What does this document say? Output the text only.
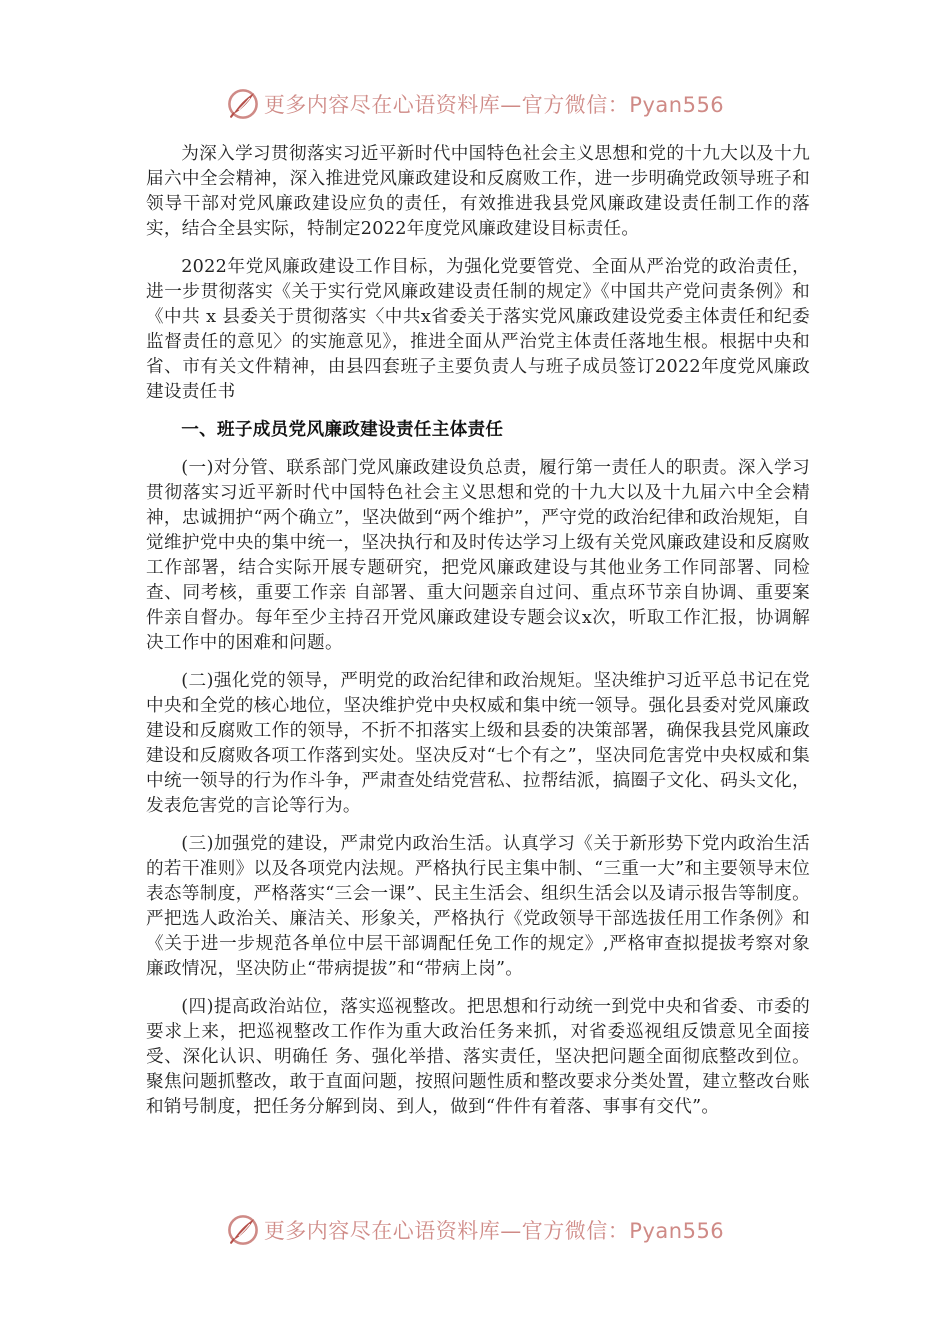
更多内容尽在心语资料库—官方微信：Pyan556

为深入学习贯彻落实习近平新时代中国特色社会主义思想和党的十九大以及十九届六中全会精神，深入推进党风廉政建设和反腐败工作，进一步明确党政领导班子和领导干部对党风廉政建设应负的责任，有效推进我县党风廉政建设责任制工作的落实，结合全县实际，特制定2022年度党风廉政建设目标责任。

2022年党风廉政建设工作目标，为强化党要管党、全面从严治党的政治责任，进一步贯彻落实《关于实行党风廉政建设责任制的规定》《中国共产党问责条例》和《中共 x 县委关于贯彻落实〈中共x省委关于落实党风廉政建设党委主体责任和纪委监督责任的意见〉的实施意见》，推进全面从严治党主体责任落地生根。根据中央和省、市有关文件精神，由县四套班子主要负责人与班子成员签订2022年度党风廉政建设责任书

一、班子成员党风廉政建设责任主体责任

(一)对分管、联系部门党风廉政建设负总责，履行第一责任人的职责。深入学习贯彻落实习近平新时代中国特色社会主义思想和党的十九大以及十九届六中全会精神，忠诚拥护“两个确立”，坚决做到“两个维护”，严守党的政治纪律和政治规矩，自觉维护党中央的集中统一，坚决执行和及时传达学习上级有关党风廉政建设和反腐败工作部署，结合实际开展专题研究，把党风廉政建设与其他业务工作同部署、同检查、同考核，重要工作亲 自部署、重大问题亲自过问、重点环节亲自协调、重要案件亲自督办。每年至少主持召开党风廉政建设专题会议x次，听取工作汇报，协调解决工作中的困难和问题。

(二)强化党的领导，严明党的政治纪律和政治规矩。坚决维护习近平总书记在党中央和全党的核心地位，坚决维护党中央权威和集中统一领导。强化县委对党风廉政建设和反腐败工作的领导，不折不扣落实上级和县委的决策部署，确保我县党风廉政建设和反腐败各项工作落到实处。坚决反对“七个有之”，坚决同危害党中央权威和集中统一领导的行为作斗争，严肃查处结党营私、拉帮结派，搞圈子文化、码头文化，发表危害党的言论等行为。

(三)加强党的建设，严肃党内政治生活。认真学习《关于新形势下党内政治生活的若干准则》以及各项党内法规。严格执行民主集中制、“三重一大”和主要领导末位表态等制度，严格落实“三会一课”、民主生活会、组织生活会以及请示报告等制度。严把选人政治关、廉洁关、形象关，严格执行《党政领导干部选拔任用工作条例》和《关于进一步规范各单位中层干部调配任免工作的规定》,严格审查拟提拔考察对象廉政情况，坚决防止“带病提拔”和“带病上岗”。

(四)提高政治站位，落实巡视整改。把思想和行动统一到党中央和省委、市委的要求上来，把巡视整改工作作为重大政治任务来抓，对省委巡视组反馈意见全面接受、深化认识、明确任 务、强化举措、落实责任，坚决把问题全面彻底整改到位。聚焦问题抓整改，敢于直面问题，按照问题性质和整改要求分类处置，建立整改台账和销号制度，把任务分解到岗、到人，做到“件件有着落、事事有交代”。

更多内容尽在心语资料库—官方微信：Pyan556
